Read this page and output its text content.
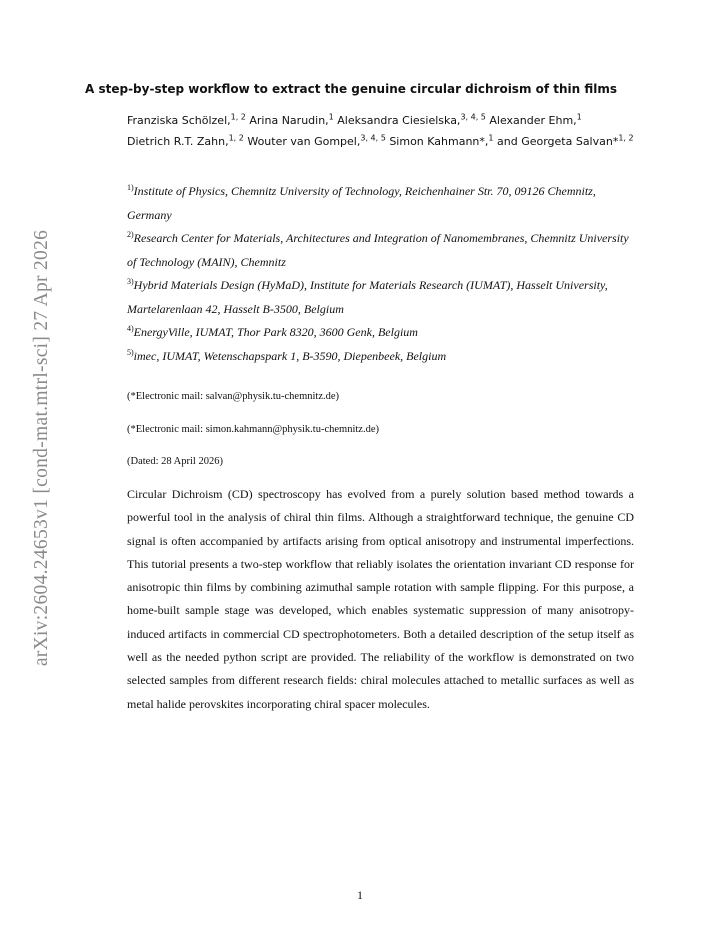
arXiv:2604.24653v1 [cond-mat.mtrl-sci] 27 Apr 2026
A step-by-step workflow to extract the genuine circular dichroism of thin films
Franziska Schölzel,$^{1, 2}$ Arina Narudin,$^1$ Aleksandra Ciesielska,$^{3, 4, 5}$ Alexander Ehm,$^1$
Dietrich R.T. Zahn,$^{1, 2}$ Wouter van Gompel,$^{3, 4, 5}$ Simon Kahmann*,$^1$ and Georgeta Salvan*$^{1, 2}$

$^{1)}$Institute of Physics, Chemnitz University of Technology, Reichenhainer Str. 70, 09126 Chemnitz, Germany

$^{2)}$Research Center for Materials, Architectures and Integration of Nanomembranes, Chemnitz University of Technology (MAIN), Chemnitz

$^{3)}$Hybrid Materials Design (HyMaD), Institute for Materials Research (IUMAT), Hasselt University, Martelarenlaan 42, Hasselt B-3500, Belgium

$^{4)}$EnergyVille, IUMAT, Thor Park 8320, 3600 Genk, Belgium

$^{5)}$imec, IUMAT, Wetenschapspark 1, B-3590, Diepenbeek, Belgium

(*Electronic mail: salvan@physik.tu-chemnitz.de)

(*Electronic mail: simon.kahmann@physik.tu-chemnitz.de)

(Dated: 28 April 2026)

Circular Dichroism (CD) spectroscopy has evolved from a purely solution based method towards a powerful tool in the analysis of chiral thin films. Although a straightforward technique, the genuine CD signal is often accompanied by artifacts arising from optical anisotropy and instrumental imperfections. This tutorial presents a two-step workflow that reliably isolates the orientation invariant CD response for anisotropic thin films by combining azimuthal sample rotation with sample flipping. For this purpose, a home-built sample stage was developed, which enables systematic suppression of many anisotropy-induced artifacts in commercial CD spectrophotometers. Both a detailed description of the setup itself as well as the needed python script are provided. The reliability of the workflow is demonstrated on two selected samples from different research fields: chiral molecules attached to metallic surfaces as well as metal halide perovskites incorporating chiral spacer molecules.

1
